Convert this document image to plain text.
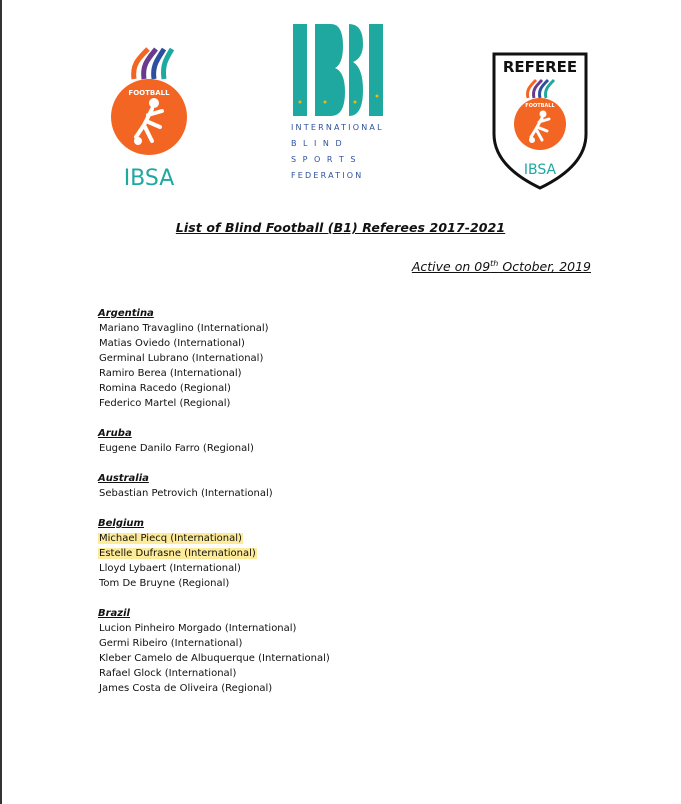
FOOTBALL
IBSA
INTERNATIONAL
B L I N D
S P O R T S
FEDERATION
REFEREE
FOOTBALL
IBSA
List of Blind Football (B1) Referees 2017-2021
Active on 09th October, 2019
Argentina
Mariano Travaglino (International)
Matias Oviedo (International)
Germinal Lubrano (International)
Ramiro Berea (International)
Romina Racedo (Regional)
Federico Martel (Regional)
Aruba
Eugene Danilo Farro (Regional)
Australia
Sebastian Petrovich (International)
Belgium
Michael Piecq (International)
Estelle Dufrasne (International)
Lloyd Lybaert (International)
Tom De Bruyne (Regional)
Brazil
Lucion Pinheiro Morgado (International)
Germi Ribeiro (International)
Kleber Camelo de Albuquerque (International)
Rafael Glock (International)
James Costa de Oliveira (Regional)
